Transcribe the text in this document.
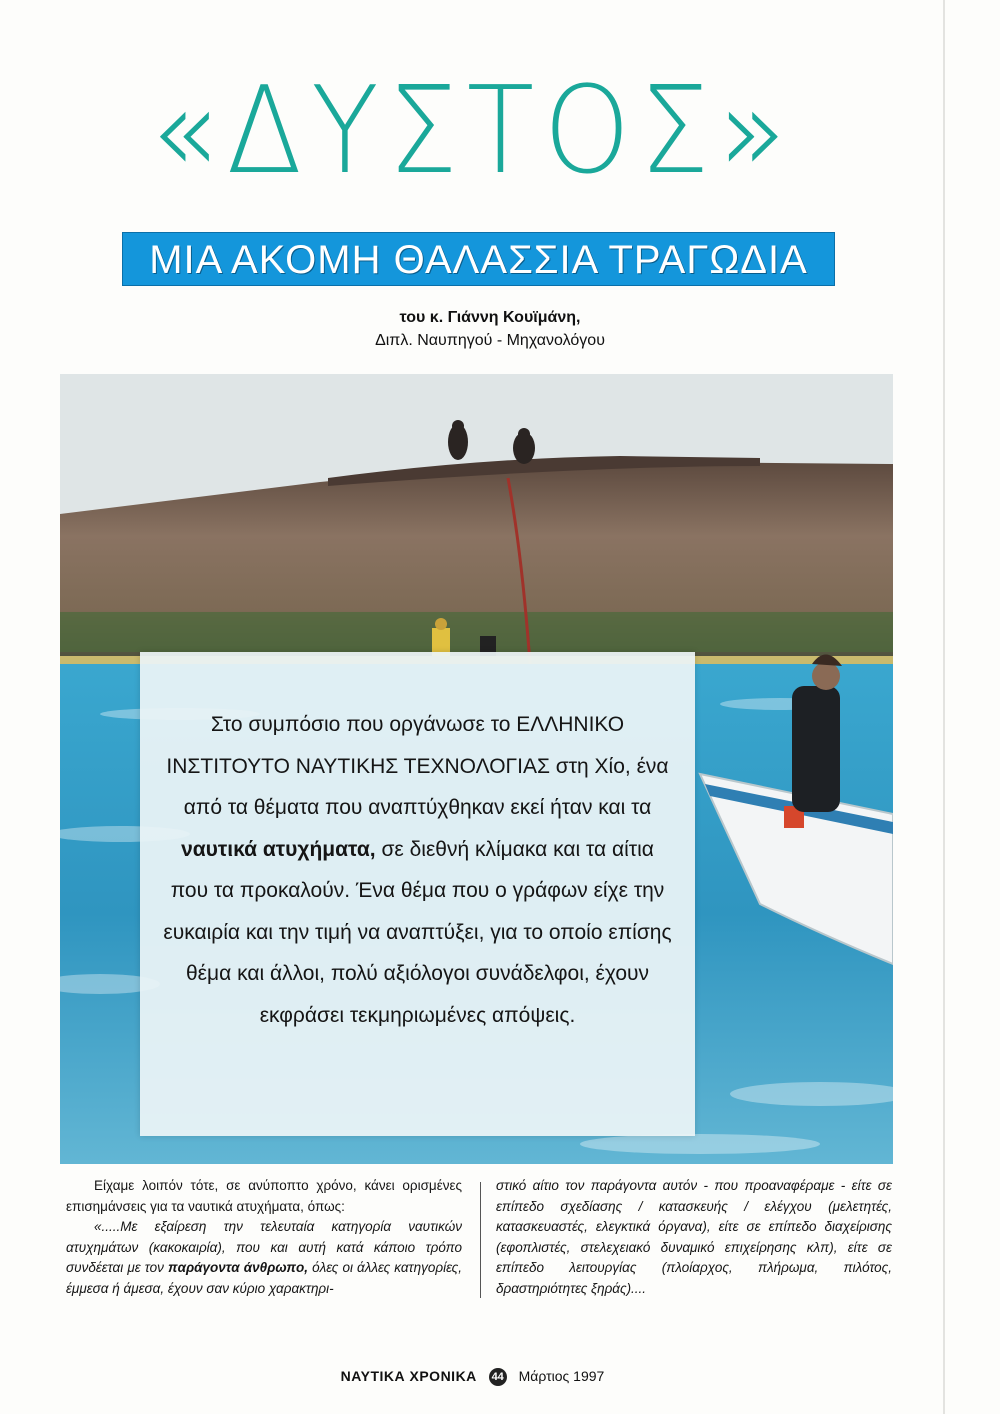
«ΔΥΣΤΟΣ»
ΜΙΑ ΑΚΟΜΗ ΘΑΛΑΣΣΙΑ ΤΡΑΓΩΔΙΑ
του κ. Γιάννη Κουϊμάνη,
Διπλ. Ναυπηγού - Μηχανολόγου
Στο συμπόσιο που οργάνωσε το ΕΛΛΗΝΙΚΟ ΙΝΣΤΙΤΟΥΤΟ ΝΑΥΤΙΚΗΣ ΤΕΧΝΟΛΟΓΙΑΣ στη Χίο, ένα από τα θέματα που αναπτύχθηκαν εκεί ήταν και τα ναυτικά ατυχήματα, σε διεθνή κλίμακα και τα αίτια που τα προκαλούν. Ένα θέμα που ο γράφων είχε την ευκαιρία και την τιμή να αναπτύξει, για το οποίο επίσης θέμα και άλλοι, πολύ αξιόλογοι συνάδελφοι, έχουν εκφράσει τεκμηριωμένες απόψεις.
Είχαμε λοιπόν τότε, σε ανύποπτο χρόνο, κάνει ορισμένες επισημάνσεις για τα ναυτικά ατυχήματα, όπως:
«.....Με εξαίρεση την τελευταία κατηγορία ναυτικών ατυχημάτων (κακοκαιρία), που και αυτή κατά κάποιο τρόπο συνδέεται με τον παράγοντα άνθρωπο, όλες οι άλλες κατηγορίες, έμμεσα ή άμεσα, έχουν σαν κύριο χαρακτηρι-
στικό αίτιο τον παράγοντα αυτόν - που προαναφέραμε - είτε σε επίπεδο σχεδίασης / κατασκευής / ελέγχου (μελετητές, κατασκευαστές, ελεγκτικά όργανα), είτε σε επίπεδο διαχείρισης (εφοπλιστές, στελεχειακό δυναμικό επιχείρησης κλπ), είτε σε επίπεδο λειτουργίας (πλοίαρχος, πλήρωμα, πιλότος, δραστηριότητες ξηράς)....
ΝΑΥΤΙΚΑ ΧΡΟΝΙΚΑ 44 Μάρτιος 1997
